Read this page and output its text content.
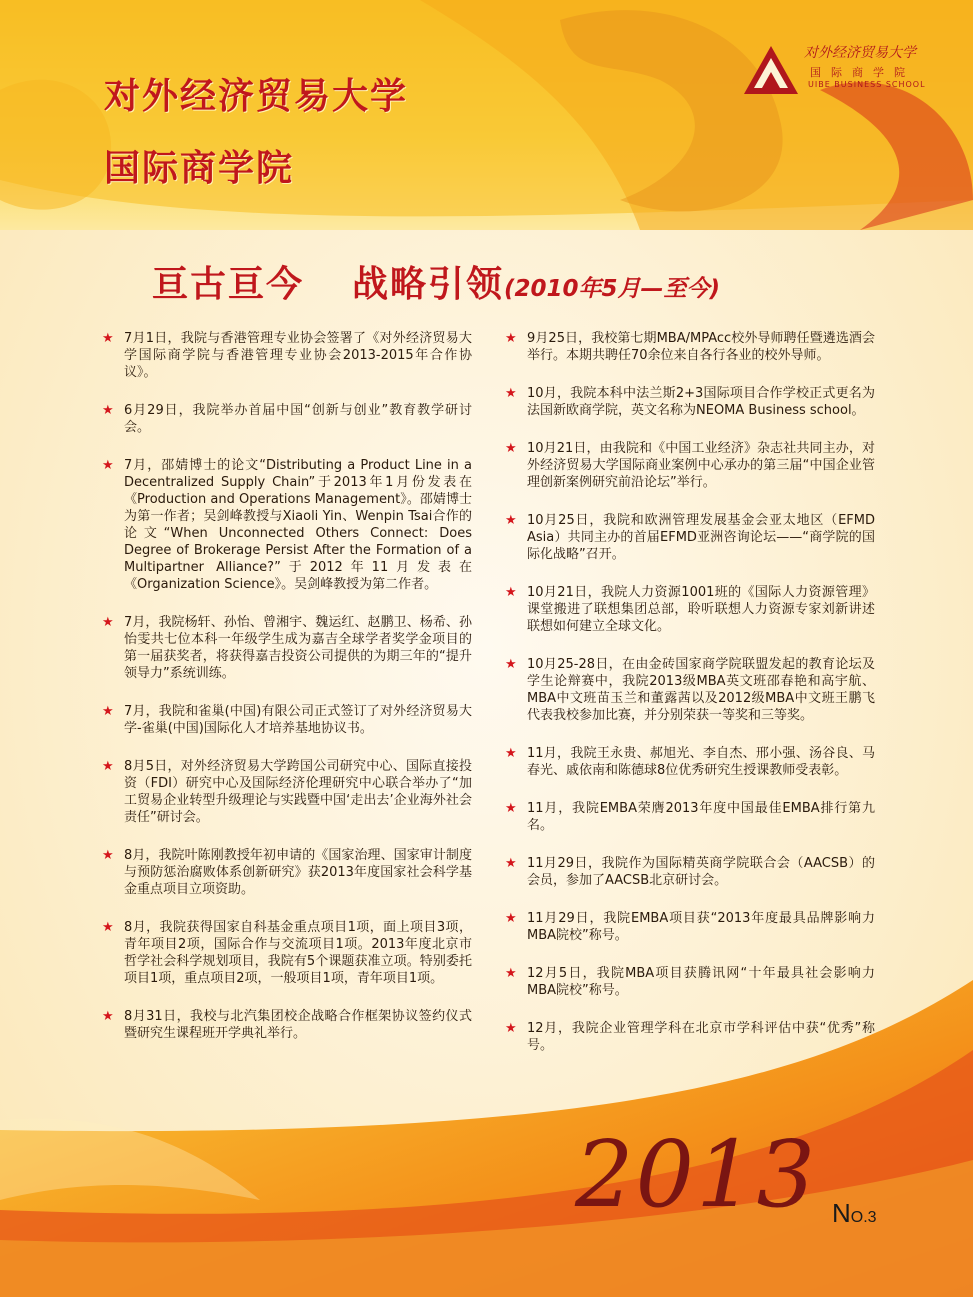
对外经济贸易大学
国际商学院
对外经济贸易大学
国际商学院
UIBE BUSINESS SCHOOL
亘古亘今 战略引领(2010年5月—至今)
★ 7月1日，我院与香港管理专业协会签署了《对外经济贸易大学国际商学院与香港管理专业协会2013-2015年合作协议》。
★ 6月29日，我院举办首届中国“创新与创业”教育教学研讨会。
★ 7月，邵婧博士的论文“Distributing a Product Line in a Decentralized Supply Chain”于2013年1月份发表在《Production and Operations Management》。邵婧博士为第一作者；吴剑峰教授与Xiaoli Yin、Wenpin Tsai合作的论文“When Unconnected Others Connect: Does Degree of Brokerage Persist After the Formation of a Multipartner Alliance?”于2012年11月发表在《Organization Science》。吴剑峰教授为第二作者。
★ 7月，我院杨轩、孙怡、曾湘宇、魏运红、赵鹏卫、杨希、孙怡雯共七位本科一年级学生成为嘉吉全球学者奖学金项目的第一届获奖者，将获得嘉吉投资公司提供的为期三年的“提升领导力”系统训练。
★ 7月，我院和雀巢(中国)有限公司正式签订了对外经济贸易大学-雀巢(中国)国际化人才培养基地协议书。
★ 8月5日，对外经济贸易大学跨国公司研究中心、国际直接投资（FDI）研究中心及国际经济伦理研究中心联合举办了“加工贸易企业转型升级理论与实践暨中国‘走出去’企业海外社会责任”研讨会。
★ 8月，我院叶陈刚教授年初申请的《国家治理、国家审计制度与预防惩治腐败体系创新研究》获2013年度国家社会科学基金重点项目立项资助。
★ 8月，我院获得国家自科基金重点项目1项，面上项目3项，青年项目2项，国际合作与交流项目1项。2013年度北京市哲学社会科学规划项目，我院有5个课题获准立项。特别委托项目1项，重点项目2项，一般项目1项，青年项目1项。
★ 8月31日，我校与北汽集团校企战略合作框架协议签约仪式暨研究生课程班开学典礼举行。
★ 9月25日，我校第七期MBA/MPAcc校外导师聘任暨遴选酒会举行。本期共聘任70余位来自各行各业的校外导师。
★ 10月，我院本科中法兰斯2+3国际项目合作学校正式更名为法国新欧商学院，英文名称为NEOMA Business school。
★ 10月21日，由我院和《中国工业经济》杂志社共同主办，对外经济贸易大学国际商业案例中心承办的第三届“中国企业管理创新案例研究前沿论坛”举行。
★ 10月25日，我院和欧洲管理发展基金会亚太地区（EFMD Asia）共同主办的首届EFMD亚洲咨询论坛——“商学院的国际化战略”召开。
★ 10月21日，我院人力资源1001班的《国际人力资源管理》课堂搬进了联想集团总部，聆听联想人力资源专家刘新讲述联想如何建立全球文化。
★ 10月25-28日，在由金砖国家商学院联盟发起的教育论坛及学生论辩赛中，我院2013级MBA英文班邵春艳和高宇航、MBA中文班苗玉兰和董露茜以及2012级MBA中文班王鹏飞代表我校参加比赛，并分别荣获一等奖和三等奖。
★ 11月，我院王永贵、郝旭光、李自杰、邢小强、汤谷良、马春光、戚依南和陈德球8位优秀研究生授课教师受表彰。
★ 11月，我院EMBA荣膺2013年度中国最佳EMBA排行第九名。
★ 11月29日，我院作为国际精英商学院联合会（AACSB）的会员，参加了AACSB北京研讨会。
★ 11月29日，我院EMBA项目获“2013年度最具品牌影响力MBA院校”称号。
★ 12月5日，我院MBA项目获腾讯网“十年最具社会影响力MBA院校”称号。
★ 12月，我院企业管理学科在北京市学科评估中获“优秀”称号。
2013 NO.3
